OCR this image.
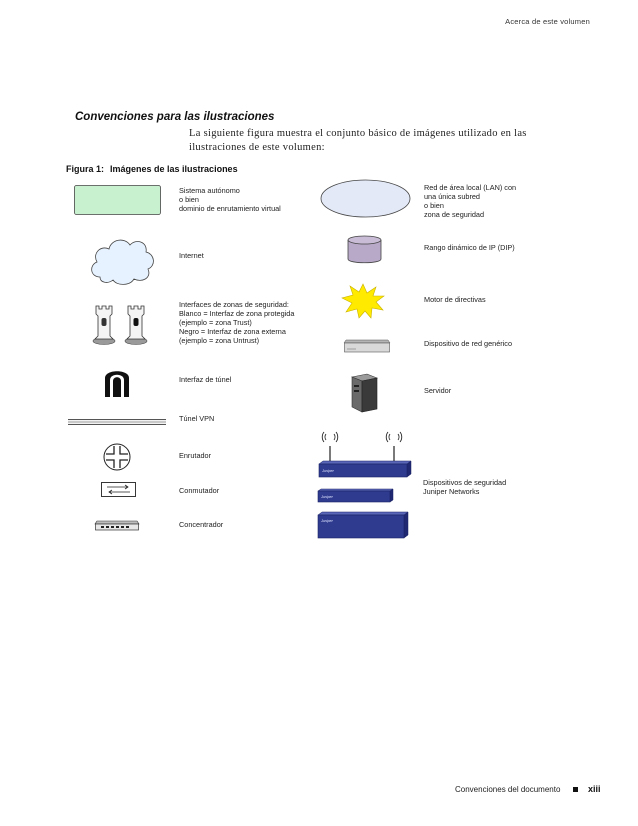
Acerca de este volumen
Convenciones para las ilustraciones
La siguiente figura muestra el conjunto básico de imágenes utilizado en las
ilustraciones de este volumen:
Figura 1: Imágenes de las ilustraciones
Sistema autónomo
o bien
dominio de enrutamiento virtual
Internet
Interfaces de zonas de seguridad:
Blanco = Interfaz de zona protegida
(ejemplo = zona Trust)
Negro = Interfaz de zona externa
(ejemplo = zona Untrust)
Interfaz de túnel
Túnel VPN
Enrutador
Conmutador
Concentrador
Juniper
Juniper
Juniper
Red de área local (LAN) con
una única subred
o bien
zona de seguridad
Rango dinámico de IP (DIP)
Motor de directivas
Dispositivo de red genérico
Servidor
Dispositivos de seguridad
Juniper Networks
Convenciones del documento	xiii
